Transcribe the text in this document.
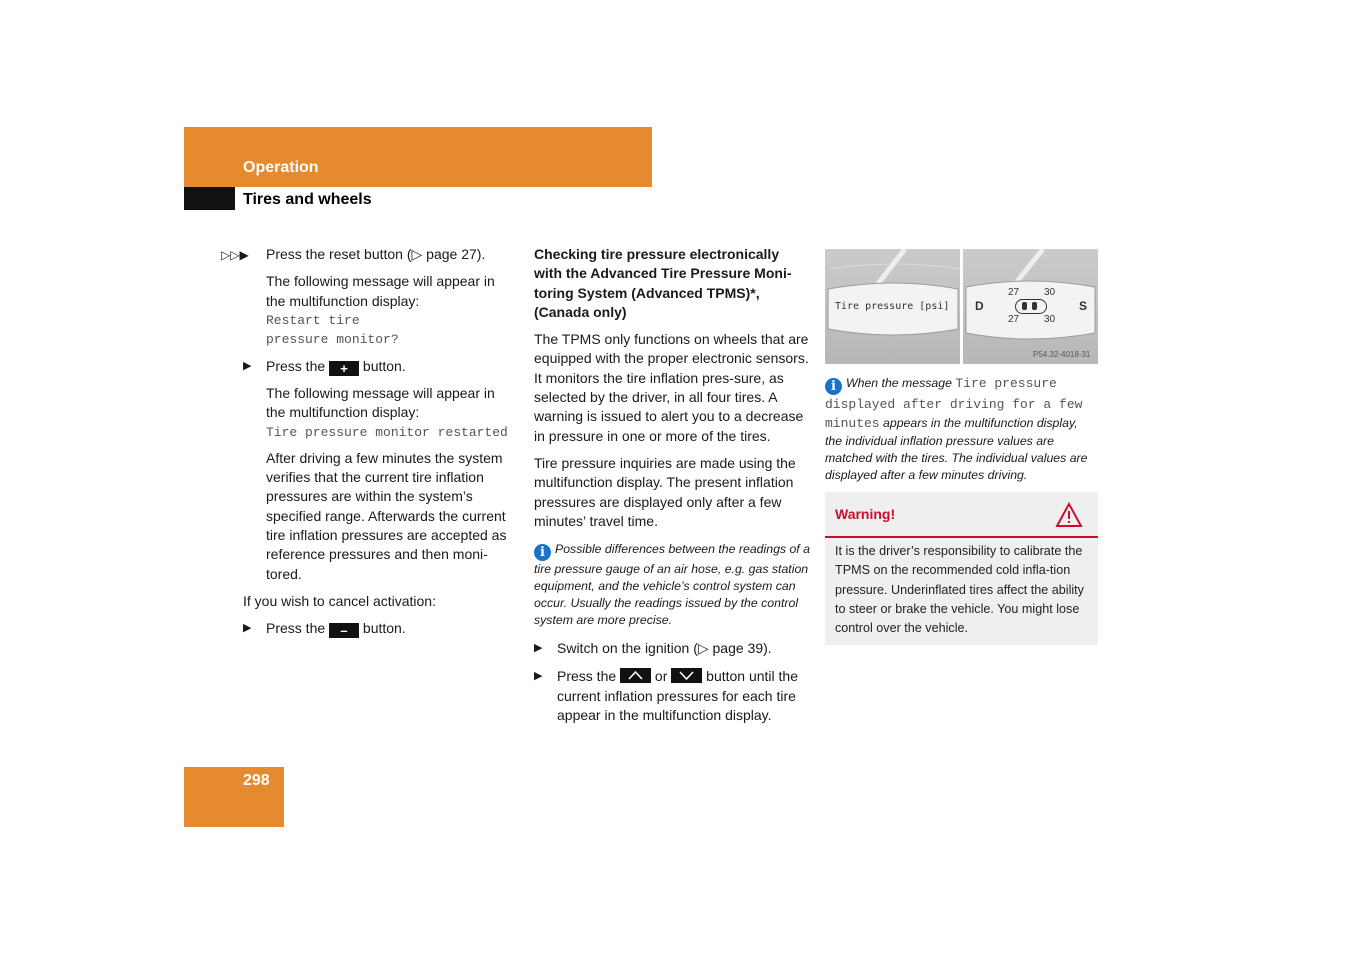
Operation
Tires and wheels
▷▷▶	Press the reset button (▷ page 27).

The following message will appear in the multifunction display:

Restart tire

pressure monitor?

▶ Press the + button.

The following message will appear in the multifunction display:

Tire pressure monitor restarted

After driving a few minutes the system verifies that the current tire inflation pressures are within the system’s specified range. Afterwards the current tire inflation pressures are accepted as reference pressures and then moni-tored.

If you wish to cancel activation:

▶ Press the – button.

Checking tire pressure electronically with the Advanced Tire Pressure Moni-toring System (Advanced TPMS)*, (Canada only)

The TPMS only functions on wheels that are equipped with the proper electronic sensors. It monitors the tire inflation pres-sure, as selected by the driver, in all four tires. A warning is issued to alert you to a decrease in pressure in one or more of the tires.

Tire pressure inquiries are made using the multifunction display. The present inflation pressures are displayed only after a few minutes’ travel time.

i Possible differences between the readings of a tire pressure gauge of an air hose, e.g. gas station equipment, and the vehicle’s control system can occur. Usually the readings issued by the control system are more precise.

▶ Switch on the ignition (▷ page 39).

▶ Press the	or	button until the current inflation pressures for each tire appear in the multifunction display.

Tire pressure [psi] D	S
27 30
27 30
P54.32-4018-31
i When the message Tire pressure displayed after driving for a few minutes appears in the multifunction display, the individual inflation pressure values are matched with the tires. The individual values are displayed after a few minutes driving.
Warning!
It is the driver’s responsibility to calibrate the TPMS on the recommended cold infla-tion pressure. Underinflated tires affect the ability to steer or brake the vehicle. You might lose control over the vehicle.
298
